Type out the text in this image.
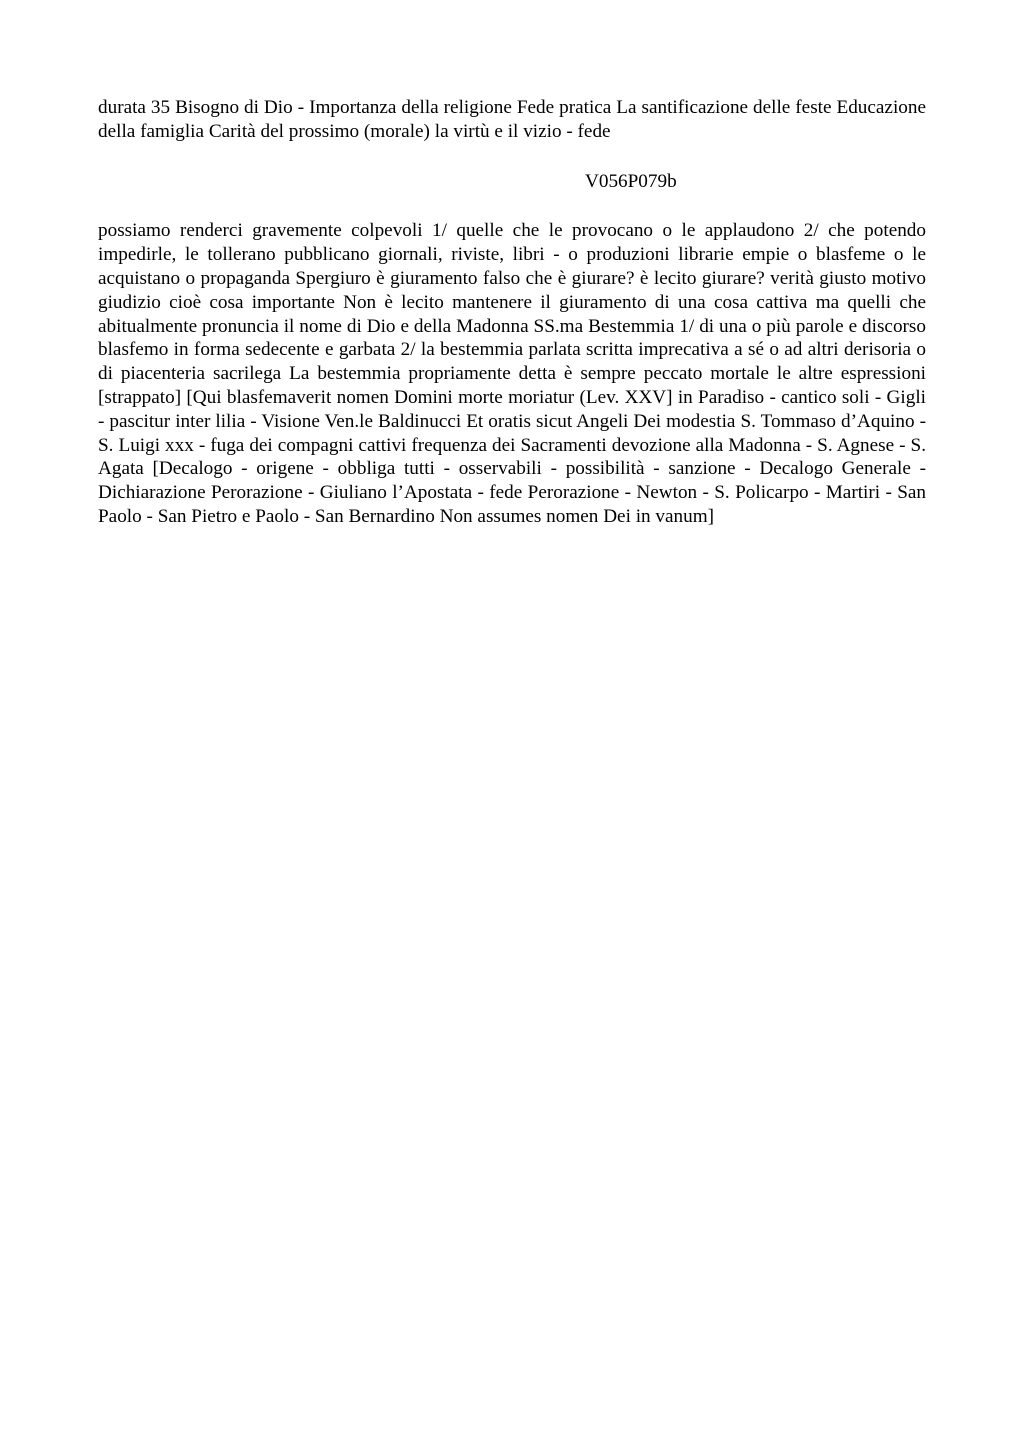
durata 35 Bisogno di Dio - Importanza della religione Fede pratica La santificazione delle feste Educazione della famiglia Carità del prossimo (morale) la virtù e il vizio - fede

V056P079b

possiamo renderci gravemente colpevoli 1/ quelle che le provocano o le applaudono 2/ che potendo impedirle, le tollerano pubblicano giornali, riviste, libri - o produzioni librarie empie o blasfeme o le acquistano o propaganda Spergiuro è giuramento falso che è giurare? è lecito giurare? verità giusto motivo giudizio cioè cosa importante Non è lecito mantenere il giuramento di una cosa cattiva ma quelli che abitualmente pronuncia il nome di Dio e della Madonna SS.ma Bestemmia 1/ di una o più parole e discorso blasfemo in forma sedecente e garbata 2/ la bestemmia parlata scritta imprecativa a sé o ad altri derisoria o di piacenteria sacrilega La bestemmia propriamente detta è sempre peccato mortale le altre espressioni [strappato] [Qui blasfemaverit nomen Domini morte moriatur (Lev. XXV] in Paradiso - cantico soli - Gigli - pascitur inter lilia - Visione Ven.le Baldinucci Et oratis sicut Angeli Dei modestia S. Tommaso d’Aquino - S. Luigi xxx - fuga dei compagni cattivi frequenza dei Sacramenti devozione alla Madonna - S. Agnese - S. Agata [Decalogo - origene - obbliga tutti - osservabili - possibilità - sanzione - Decalogo Generale - Dichiarazione Perorazione - Giuliano l’Apostata - fede Perorazione - Newton - S. Policarpo - Martiri - San Paolo - San Pietro e Paolo - San Bernardino Non assumes nomen Dei in vanum]
